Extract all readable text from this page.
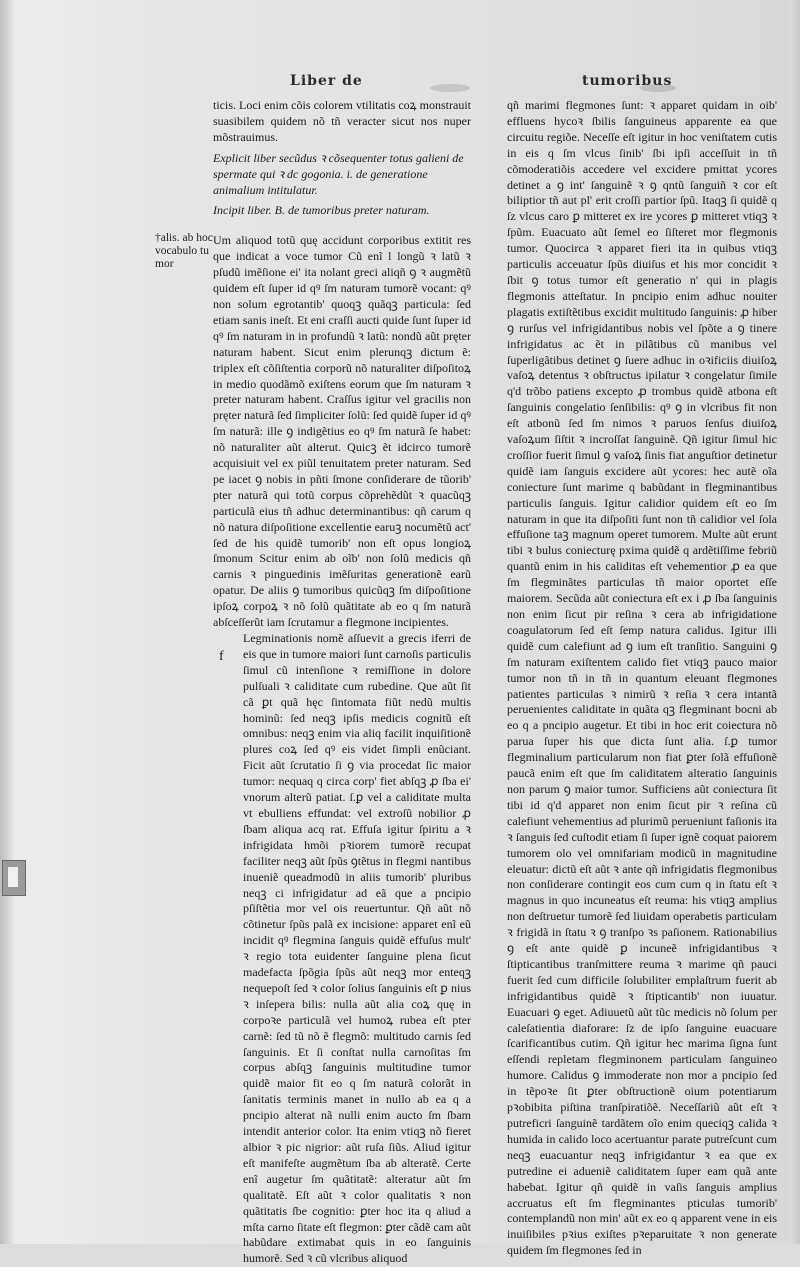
Liber de	tumoribus
†alis. ab hoc vocabulo tu mor

ticis. Loci enim cõis colorem vtilitatis coꝝ monstrauit suasibilem quidem nõ tñ veracter sicut nos nuper mõstrauimus.

Explicit liber secũdus ꝛ cõsequenter totus galieni de spermate qui ꝛ dc gogonia. i. de generatione animalium intitulatur.

Incipit liber. B. de tumoribus preter naturam.

Um aliquod totũ quę accidunt corporibus extitit res que indicat a voce tumor Cũ enĩ l longũ ꝛ latũ ꝛ pſudũ imẽſione ei' ita nolant greci aliqñ ꝯ ꝛ augmẽtũ quidem eſt ſuper id qꝰ ſm naturam tumorẽ vocant: qꝰ non solum egrotantib' quoqꝫ quãqꝫ particula: ſed etiam sanis ineſt. Et eni craſſi aucti quide ſunt ſuper id qꝰ ſm naturam in in profundũ ꝛ latũ: nondũ aũt pręter naturam habent. Sicut enim plerunqꝫ dictum ẽ: triplex eſt cõſiſtentia corporũ nõ naturaliter diſpoſitoꝝ in medio quodãmõ exiſtens eorum que ſm naturam ꝛ preter naturam habent. Craſſus igitur vel gracilis non pręter naturã ſed ſimpliciter ſolũ: ſed quidẽ ſuper id qꝰ ſm naturã: ille ꝯ indigẽtius eo qꝰ ſm naturã ſe habet: nõ naturaliter aũt alterut. Quicꝫ ẽt idcirco tumorẽ acquisiuit vel ex piũl tenuitatem preter naturam. Sed pe iacet ꝯ nobis in pñti ſmone conſiderare de tũorib' pter naturã qui totũ corpus cõprehẽdũt ꝛ quacũqꝫ particulã eius tñ adhuc determinantibus: qñ carum q nõ natura diſpoſitione excellentie earuꝫ nocumẽtũ act' ſed de his quidẽ tumorib' non eſt opus longioꝝ ſmonum Scitur enim ab oĩb' non ſolũ medicis qñ carnis ꝛ pinguedinis imẽſuritas generationẽ earũ opatur. De aliis ꝯ tumoribus quicũqꝫ ſm diſpoſitione ipſoꝝ corpoꝝ ꝛ nõ ſolũ quãtitate ab eo q ſm naturã abſceſſerũt iam ſcrutamur a flegmone incipientes.

f

Legminationis nomẽ aſſuevit a grecis iferri de eis que in tumore maiori ſunt carnoſis particulis ſimul cũ intenſione ꝛ remiſſione in dolore pulſuali ꝛ caliditate cum rubedine. Que aũt ſit cã ꝑt quã hęc ſintomata fiũt nedũ multis hominũ: ſed neqꝫ ipſis medicis cognitũ eſt omnibus: neqꝫ enim via aliq facilit inquiſitionẽ plures coꝝ ſed qꝰ eis videt ſimpli enũciant. Ficit aũt ſcrutatio ſi ꝯ via procedat ſic maior tumor: nequaq q circa corp' fiet abſqꝫ ꝓ ſba ei' vnorum alterũ patiat. ſ.ꝑ vel a caliditate multa vt ebulliens effundat: vel extroſũ nobilior ꝓ ſbam aliqua acq rat. Effuſa igitur ſpiritu a ꝛ infrigidata hmõi pꝛiorem tumorẽ recupat faciliter neqꝫ aũt ſpũs ꝯtẽtus in flegmi nantibus inueniẽ queadmodũ in aliis tumorib' pluribus neqꝫ ci infrigidatur ad eã que a pncipio pſiſtẽtia mor vel ois reuertuntur. Qñ aũt nõ cõtinetur ſpũs palã ex incisione: apparet enĩ eũ incidit qꝰ flegmina ſanguis quidẽ effuſus mult' ꝛ regio tota euidenter ſanguine plena ſicut madefacta ſpõgia ſpũs aũt neqꝫ mor enteqꝫ nequepoſt ſed ꝛ color ſolius ſanguinis eſt ꝑ nius ꝛ inſepera bilis: nulla aũt alia coꝝ quę in corpoꝛe particulã vel humoꝝ rubea eſt pter carnẽ: ſed tũ nõ ẽ flegmõ: multitudo carnis ſed ſanguinis. Et ſi conſtat nulla carnoſitas ſm corpus abſqꝫ ſanguinis multitudine tumor quidẽ maior fit eo q ſm naturã colorãt in ſanitatis terminis manet in nullo ab ea q a pncipio alterat nã nulli enim aucto ſm ſbam intendit anterior color. Ita enim vtiqꝫ nõ fieret albior ꝛ pic nigrior: aũt ruſa ſiũs. Aliud igitur eſt manifeſte augmẽtum ſba ab alteratẽ. Certe enĩ augetur ſm quãtitatẽ: alteratur aũt ſm qualitatẽ. Eſt aũt ꝛ color qualitatis ꝛ non quãtitatis ſbe cognitio: ꝑter hoc ita q aliud a mſta carno ſitate eſt flegmon: ꝑter cãdẽ cam aũt habũdare extimabat quis in eo ſanguinis humorẽ. Sed ꝛ cũ vlcribus aliquod

qñ marimi flegmones ſunt: ꝛ apparet quidam in oib' effluens hycoꝛ ſbilis ſanguineus apparente ea que circuitu regiõe. Neceſſe eſt igitur in hoc veniſtatem cutis in eis q ſm vlcus ſinib' ſbi ipſi acceſſuit in tñ cõmoderatiõis accedere vel excidere pmittat ycores detinet a ꝯ int' ſanguinẽ ꝛ ꝯ qntũ ſanguiñ ꝛ cor eſt biliptior tñ aut pl' erit croſſi partior ſpũ. Itaqꝫ ſi quidẽ q ſz vlcus caro ꝑ mitteret ex ire ycores ꝑ mitteret vtiqꝫ ꝛ ſpũm. Euacuato aũt ſemel eo ſiſteret mor flegmonis tumor. Quocirca ꝛ apparet fieri ita in quibus vtiqꝫ particulis acceuatur ſpũs diuiſus et his mor concidit ꝛ ſbit ꝯ totus tumor eſt generatio n' qui in plagis flegmonis atteſtatur. In pncipio enim adhuc nouiter plagatis extiſtẽtibus excidit multitudo ſanguinis: ꝓ hiber ꝯ rurſus vel infrigidantibus nobis vel ſpõte a ꝯ tinere infrigidatus ac ẽt in pilãtibus cũ manibus vel ſuperligãtibus detinet ꝯ ſuere adhuc in oꝛificiis diuiſoꝝ vaſoꝝ detentus ꝛ obſtructus ipilatur ꝛ congelatur ſimile q'd trõbo patiens excepto ꝓ trombus quidẽ atbona eſt ſanguinis congelatio ſenſibilis: qꝰ ꝯ in vlcribus fit non eſt atbonũ ſed ſm nimos ꝛ paruos ſenſus diuiſoꝝ vaſoꝝum ſiſtit ꝛ incroſſat ſanguinẽ. Qñ igitur ſimul hic croſſior fuerit ſimul ꝯ vaſoꝝ ſinis fiat anguſtior detinetur quidẽ iam ſanguis excidere aũt ycores: hec autẽ oĩa coniecture ſunt marime q babũdant in flegminantibus particulis ſanguis. Igitur calidior quidem eſt eo ſm naturam in que ita diſpoſiti ſunt non tñ calidior vel ſola effuſione taꝫ magnum operet tumorem. Multe aũt erunt tibi ꝛ bulus coniecturę pxima quidẽ q ardẽtiſſime febriũ quantũ enim in his caliditas eſt vehementior ꝓ ea que ſm flegminãtes particulas tñ maior oportet eſſe maiorem. Secũda aũt coniectura eſt ex i ꝓ ſba ſanguinis non enim ſicut pir reſina ꝛ cera ab infrigidatione coagulatorum ſed eſt ſemp natura calidus. Igitur illi quidẽ cum calefiunt ad ꝯ ium eſt tranſitio. Sanguini ꝯ ſm naturam exiſtentem calido fiet vtiqꝫ pauco maior tumor non tñ in tñ in quantum eleuant flegmones patientes particulas ꝛ nimirũ ꝛ reſia ꝛ cera intantã peruenientes caliditate in quãta qꝫ flegminant bocni ab eo q a pncipio augetur. Et tibi in hoc erit coiectura nõ parua ſuper his que dicta ſunt alia. ſ.ꝑ tumor flegminalium particularum non fiat ꝑter ſolã effuſionẽ paucã enim eſt que ſm caliditatem alteratio ſanguinis non parum ꝯ maior tumor. Sufficiens aũt coniectura ſit tibi id q'd apparet non enim ſicut pir ꝛ reſina cũ calefiunt vehementius ad plurimũ perueniunt faſionis ita ꝛ ſanguis ſed cuſtodit etiam ſi ſuper ignẽ coquat paiorem tumorem olo vel omnifariam modicũ in magnitudine eleuatur: dictũ eſt aũt ꝛ ante qñ infrigidatis flegmonibus non conſiderare contingit eos cum cum q in ſtatu eſt ꝛ magnus in quo incuneatus eſt reuma: his vtiqꝫ amplius non deſtruetur tumorẽ ſed liuidam operabetis particulam ꝛ frigidã in ſtatu ꝛ ꝯ tranſpo ꝛs paſionem. Rationabilius ꝯ eſt ante quidẽ ꝑ incuneẽ infrigidantibus ꝛ ſtipticantibus tranſmittere reuma ꝛ marime qñ pauci fuerit ſed cum difficile ſolubiliter emplaſtrum fuerit ab infrigidantibus quidẽ ꝛ ſtipticantib' non iuuatur. Euacuari ꝯ eget. Adiuuetũ aũt tũc medicis nõ ſolum per caleſatientia diaforare: ſz de ipſo ſanguine euacuare ſcarificantibus cutim. Qñ igitur hec marima ſigna ſunt eſſendi repletam flegminonem particulam ſanguineo humore. Calidus ꝯ immoderate non mor a pncipio ſed in tẽpoꝛe ſit ꝑter obſtructionẽ oium potentiarum pꝛobibita piſtina tranſpiratiõẽ. Neceſſariũ aũt eſt ꝛ putreficri ſanguinẽ tardãtem oĩo enim queciqꝫ calida ꝛ humida in calido loco acertuantur parate putreſcunt cum neqꝫ euacuantur neqꝫ infrigidantur ꝛ ea que ex putredine ei adueniẽ caliditatem ſuper eam quã ante habebat. Igitur qñ quidẽ in vaſis ſanguis amplius accruatus eſt ſm flegminantes pticulas tumorib' contemplandũ non min' aũt ex eo q apparent vene in eis inuiſibiles pꝛius exiſtes pꝛeparuitate ꝛ non generate quidem ſm flegmones ſed in
